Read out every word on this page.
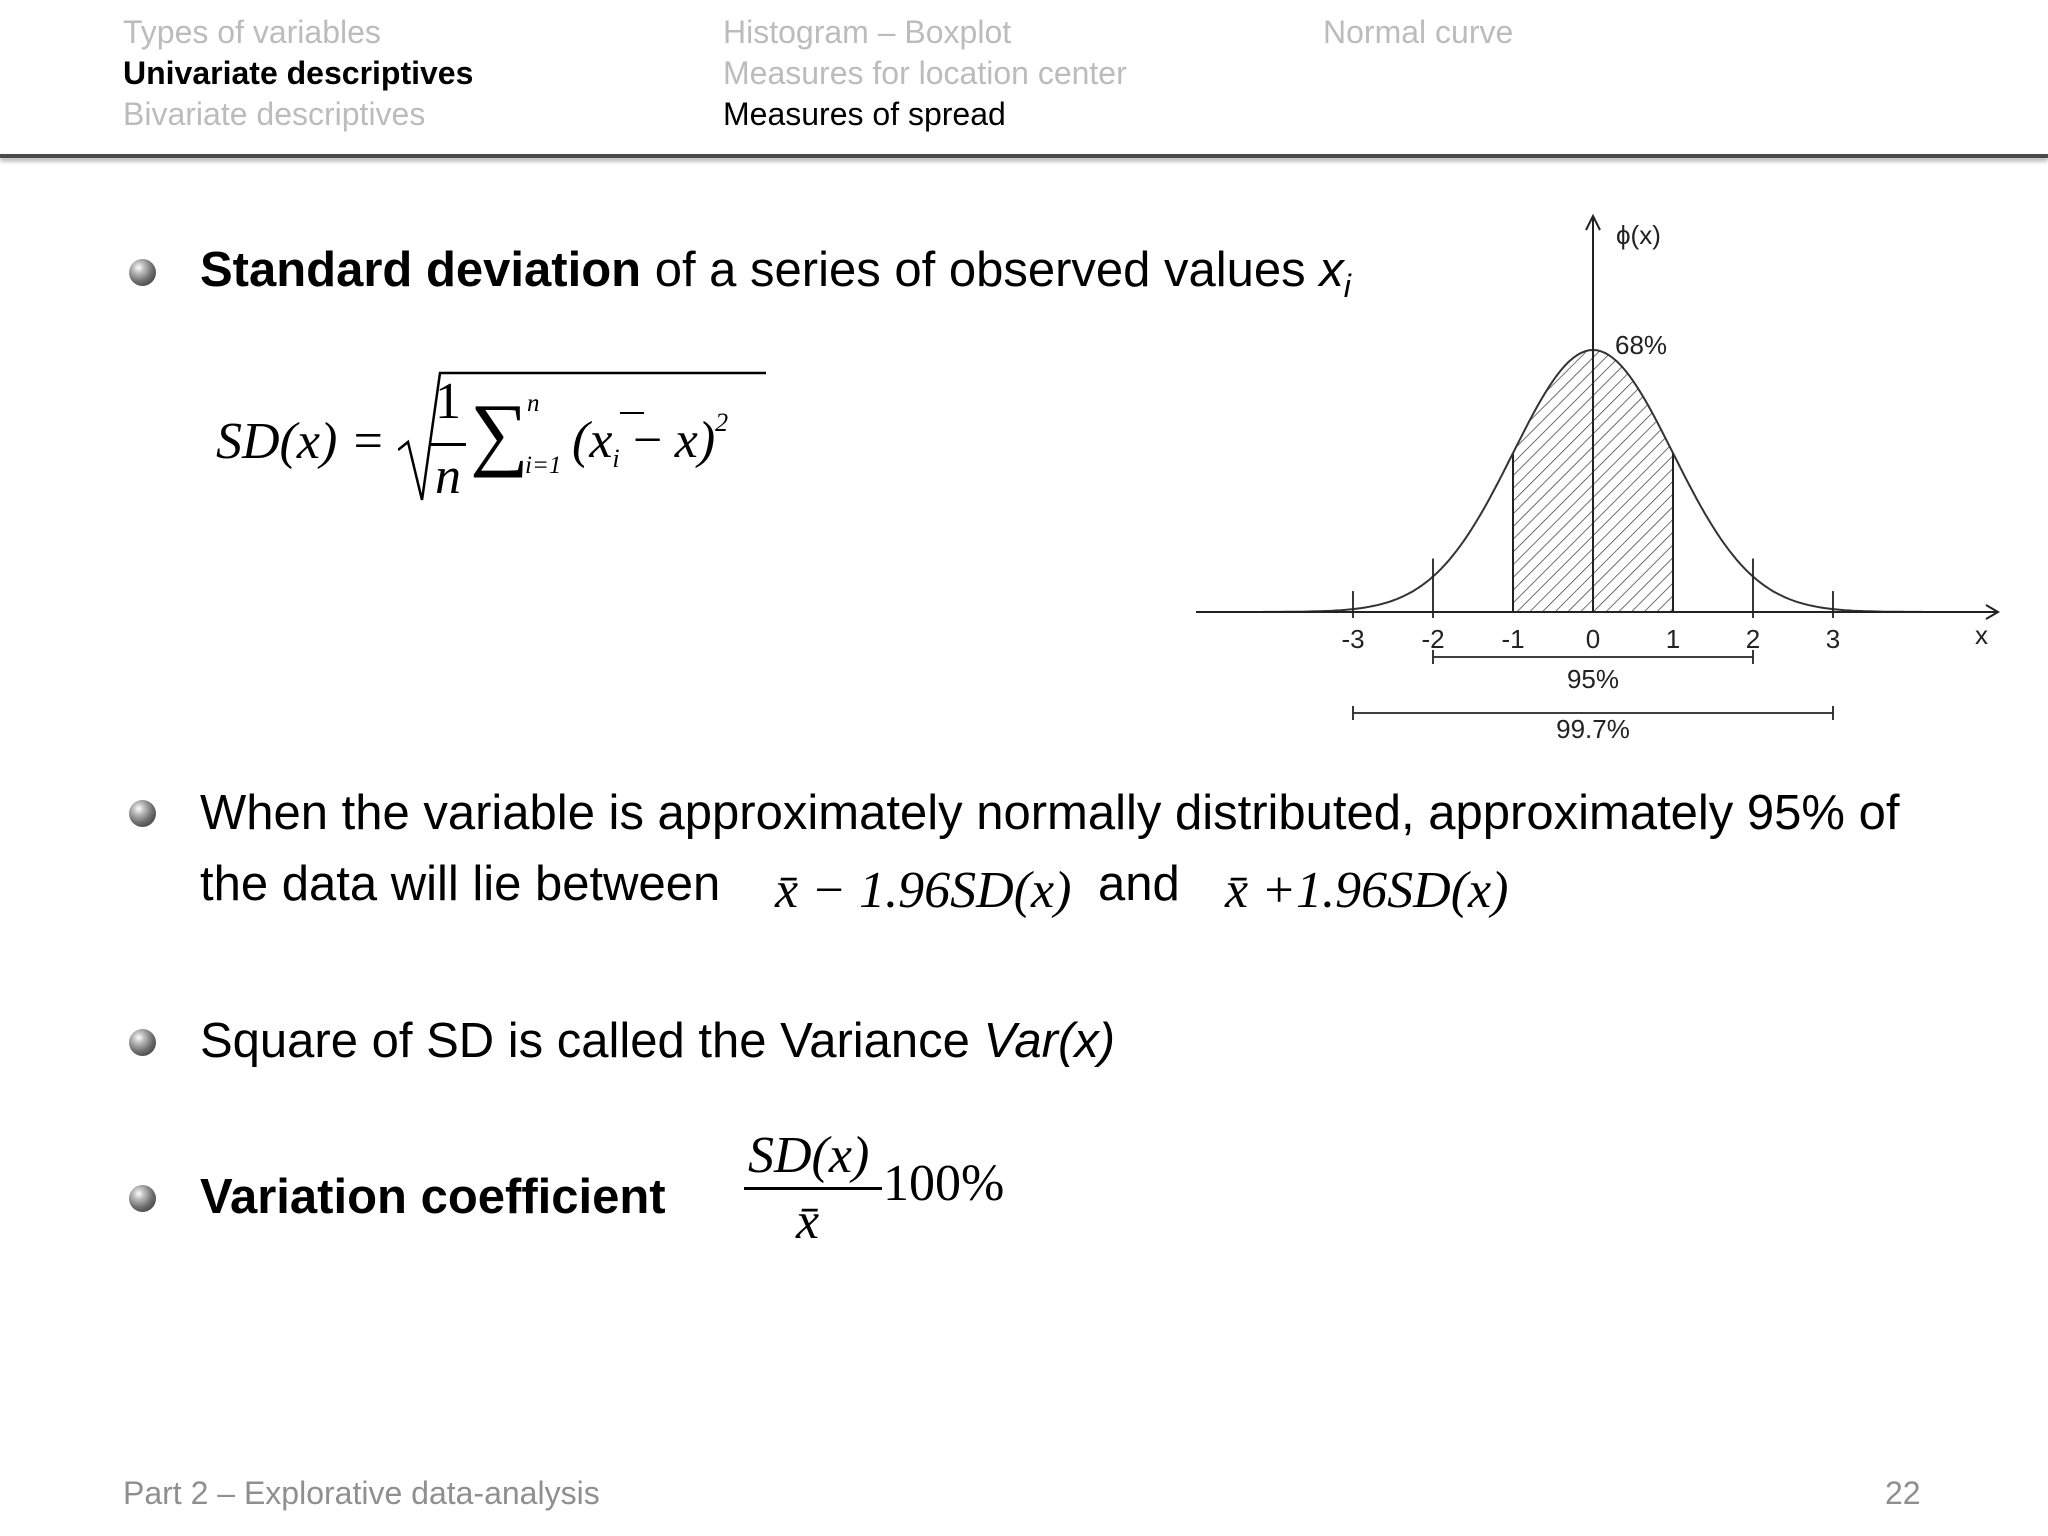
Types of variables
Univariate descriptives
Bivariate descriptives
Histogram – Boxplot
Measures for location center
Measures of spread
Normal curve
Standard deviation of a series of observed values $x_i$
SD(x) =
1
n ∑
n
i=1 (xi − x)2
-3 -2 -1 0	1	2	3
ϕ(x)
x
68%
95%
99.7%
When the variable is approximately normally distributed, approximately 95% of
the data will lie between x̄ − 1.96SD(x) and x̄ +1.96SD(x)
Square of SD is called the Variance Var(x)
Variation coefficient
SD(x)
x̄
100%
Part 2 – Explorative data-analysis	22
